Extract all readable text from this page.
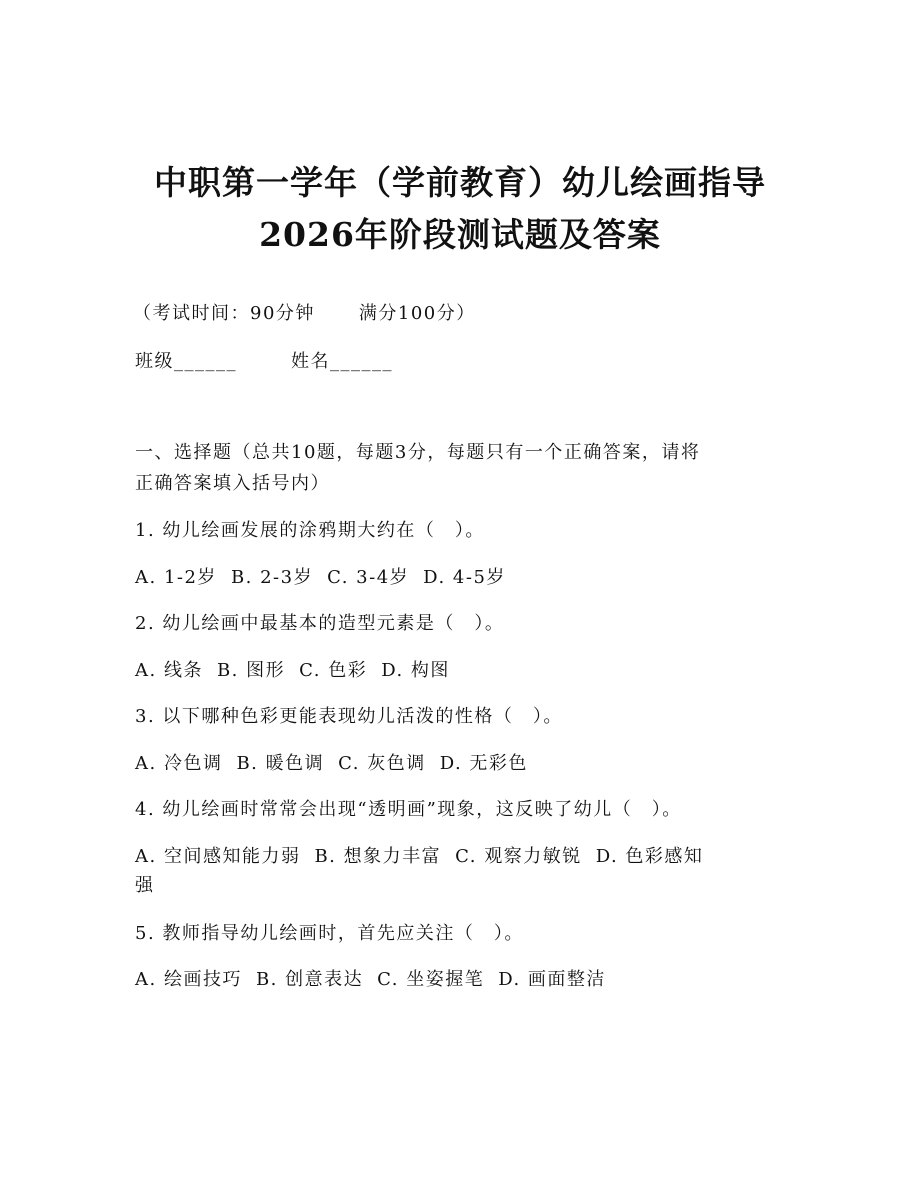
中职第一学年（学前教育）幼儿绘画指导
2026年阶段测试题及答案
（考试时间：90分钟 满分100分）
班级______	姓名______
一、选择题（总共10题，每题3分，每题只有一个正确答案，请将
正确答案填入括号内）
1. 幼儿绘画发展的涂鸦期大约在（　）。
A. 1-2岁 B. 2-3岁 C. 3-4岁 D. 4-5岁
2. 幼儿绘画中最基本的造型元素是（　）。
A. 线条 B. 图形 C. 色彩 D. 构图
3. 以下哪种色彩更能表现幼儿活泼的性格（　）。
A. 冷色调 B. 暖色调 C. 灰色调 D. 无彩色
4. 幼儿绘画时常常会出现“透明画”现象，这反映了幼儿（　）。
A. 空间感知能力弱 B. 想象力丰富 C. 观察力敏锐 D. 色彩感知
强
5. 教师指导幼儿绘画时，首先应关注（　）。
A. 绘画技巧 B. 创意表达 C. 坐姿握笔 D. 画面整洁
